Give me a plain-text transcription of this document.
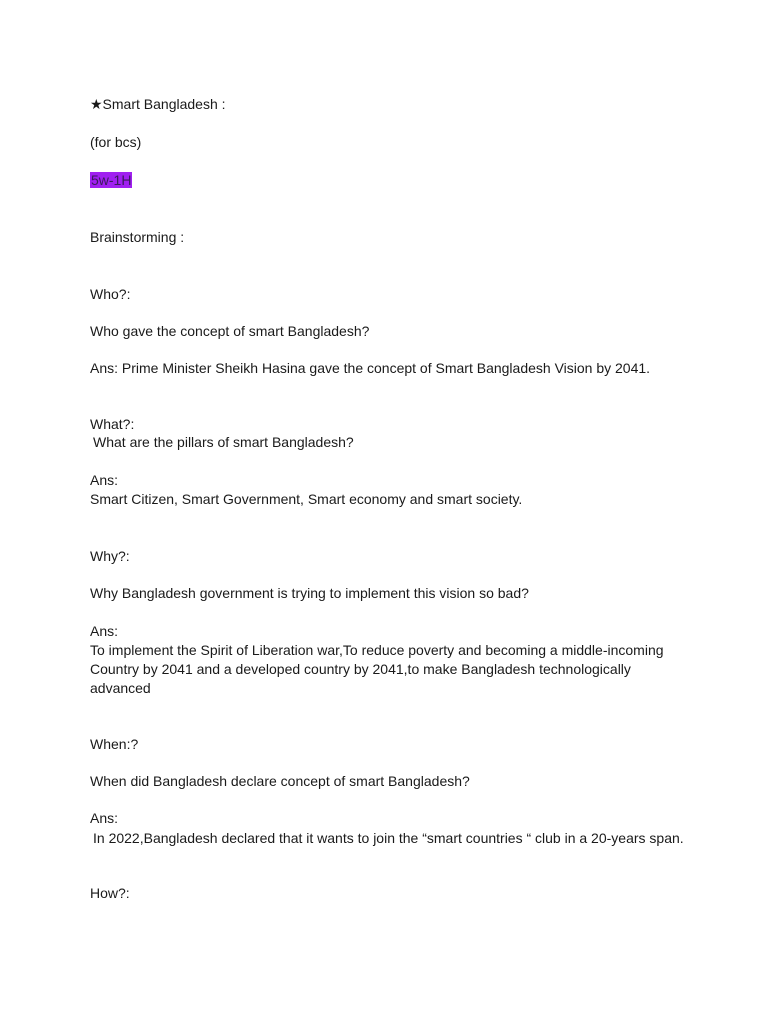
★Smart Bangladesh :
(for bcs)
5w-1H
Brainstorming :
Who?:
Who gave the concept of smart Bangladesh?
Ans: Prime Minister Sheikh Hasina gave the concept of Smart Bangladesh Vision by 2041.
What?:
What are the pillars of smart Bangladesh?
Ans:
Smart Citizen, Smart Government, Smart economy and smart society.
Why?:
Why Bangladesh government is trying to implement this vision so bad?
Ans:
To implement the Spirit of Liberation war,To reduce poverty and becoming a middle-incoming
Country by 2041 and a developed country by 2041,to make Bangladesh technologically
advanced
When:?
When did Bangladesh declare concept of smart Bangladesh?
Ans:
In 2022,Bangladesh declared that it wants to join the “smart countries “ club in a 20-years span.
How?:
